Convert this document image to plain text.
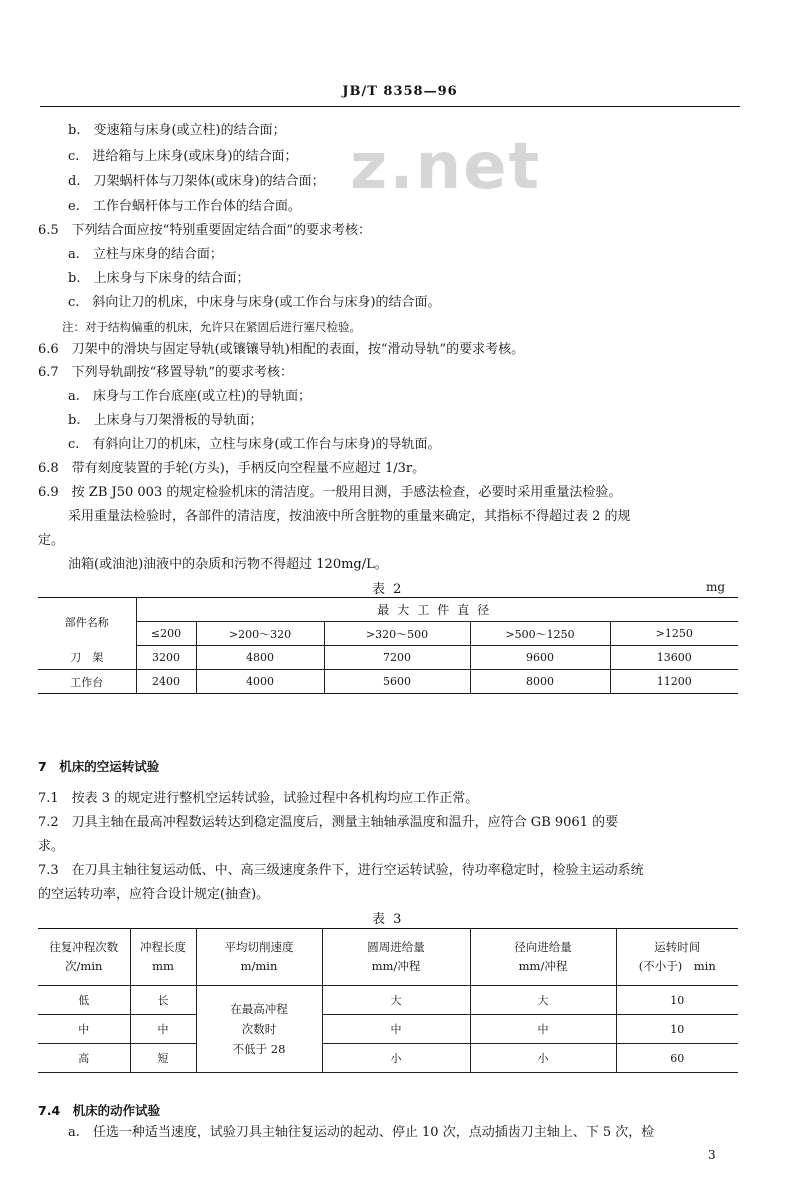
JB/T 8358—96
z.net
b.　变速箱与床身(或立柱)的结合面；
c.　进给箱与上床身(或床身)的结合面；
d.　刀架蜗杆体与刀架体(或床身)的结合面；
e.　工作台蜗杆体与工作台体的结合面。
6.5　下列结合面应按“特别重要固定结合面”的要求考核：
a.　立柱与床身的结合面；
b.　上床身与下床身的结合面；
c.　斜向让刀的机床，中床身与床身(或工作台与床身)的结合面。
注：对于结构偏重的机床，允许只在紧固后进行塞尺检验。
6.6　刀架中的滑块与固定导轨(或镶镶导轨)相配的表面，按“滑动导轨”的要求考核。
6.7　下列导轨副按“移置导轨”的要求考核：
a.　床身与工作台底座(或立柱)的导轨面；
b.　上床身与刀架滑板的导轨面；
c.　有斜向让刀的机床，立柱与床身(或工作台与床身)的导轨面。
6.8　带有刻度装置的手轮(方头)，手柄反向空程量不应超过 1/3r。
6.9　按 ZB J50 003 的规定检验机床的清洁度。一般用目测，手感法检查，必要时采用重量法检验。
采用重量法检验时，各部件的清洁度，按油液中所含脏物的重量来确定，其指标不得超过表 2 的规
定。
油箱(或油池)油液中的杂质和污物不得超过 120mg/L。
表 2	mg
部件名称	最大工件直径				
	≤200	>200～320	>320～500	>500～1250	>1250
刀　架	3200	4800	7200	9600	13600
工作台	2400	4000	5600	8000	11200
7　机床的空运转试验
7.1　按表 3 的规定进行整机空运转试验，试验过程中各机构均应工作正常。
7.2　刀具主轴在最高冲程数运转达到稳定温度后，测量主轴轴承温度和温升，应符合 GB 9061 的要
求。
7.3　在刀具主轴往复运动低、中、高三级速度条件下，进行空运转试验，待功率稳定时，检验主运动系统
的空运转功率，应符合设计规定(抽查)。
表 3
往复冲程次数
次/min	冲程长度
mm	平均切削速度
m/min	圆周进给量
mm/冲程	径向进给量
mm/冲程	运转时间
(不小于)　min
低	长	在最高冲程
次数时
不低于 28	大	大	10
中	中		中	中	10
高	短		小	小	60
7.4　机床的动作试验
a.　任选一种适当速度，试验刀具主轴往复运动的起动、停止 10 次，点动插齿刀主轴上、下 5 次，检
3
